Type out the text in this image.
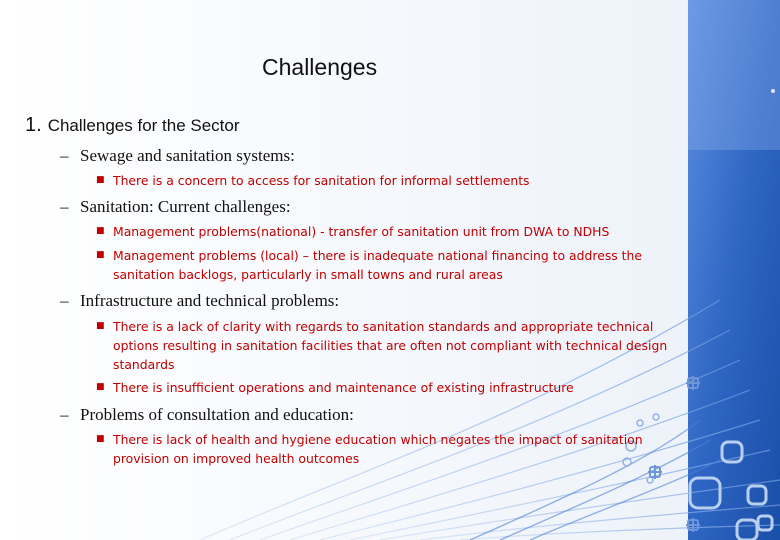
Challenges
1. Challenges for the Sector
– Sewage and sanitation systems:
■ There is a concern to access for sanitation for informal settlements
– Sanitation: Current challenges:
■ Management problems(national) - transfer of sanitation unit from DWA to NDHS
■ Management problems (local) – there is inadequate national financing to address the sanitation backlogs, particularly in small towns and rural areas
– Infrastructure and technical problems:
■ There is a lack of clarity with regards to sanitation standards and appropriate technical options resulting in sanitation facilities that are often not compliant with technical design standards
■ There is insufficient operations and maintenance of existing infrastructure
– Problems of consultation and education:
■ There is lack of health and hygiene education which negates the impact of sanitation provision on improved health outcomes
